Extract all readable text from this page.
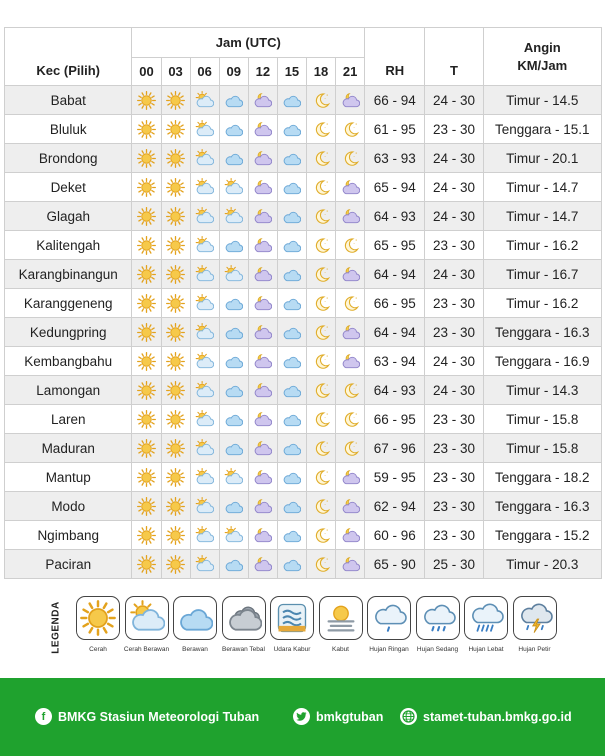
Kec (Pilih)	Jam (UTC)								RH	T	Angin
KM/Jam

	00	03	06	09	12	15	18	21			
Babat									66 - 94	24 - 30	Timur - 14.5
Bluluk									61 - 95	23 - 30	Tenggara - 15.1
Brondong									63 - 93	24 - 30	Timur - 20.1
Deket									65 - 94	24 - 30	Timur - 14.7
Glagah									64 - 93	24 - 30	Timur - 14.7
Kalitengah									65 - 95	23 - 30	Timur - 16.2
Karangbinangun									64 - 94	24 - 30	Timur - 16.7
Karanggeneng									66 - 95	23 - 30	Timur - 16.2
Kedungpring									64 - 94	23 - 30	Tenggara - 16.3
Kembangbahu									63 - 94	24 - 30	Tenggara - 16.9
Lamongan									64 - 93	24 - 30	Timur - 14.3
Laren									66 - 95	23 - 30	Timur - 15.8
Maduran									67 - 96	23 - 30	Timur - 15.8
Mantup									59 - 95	23 - 30	Tenggara - 18.2
Modo									62 - 94	23 - 30	Tenggara - 16.3
Ngimbang									60 - 96	23 - 30	Tenggara - 15.2
Paciran									65 - 90	25 - 30	Timur - 20.3
LEGENDA	Cerah	Cerah Berawan	Berawan	Berawan Tebal	Udara Kabur	Kabut	Hujan Ringan	Hujan Sedang	Hujan Lebat	Hujan Petir
f	BMKG Stasiun Meteorologi Tuban	bmkgtuban	stamet-tuban.bmkg.go.id
